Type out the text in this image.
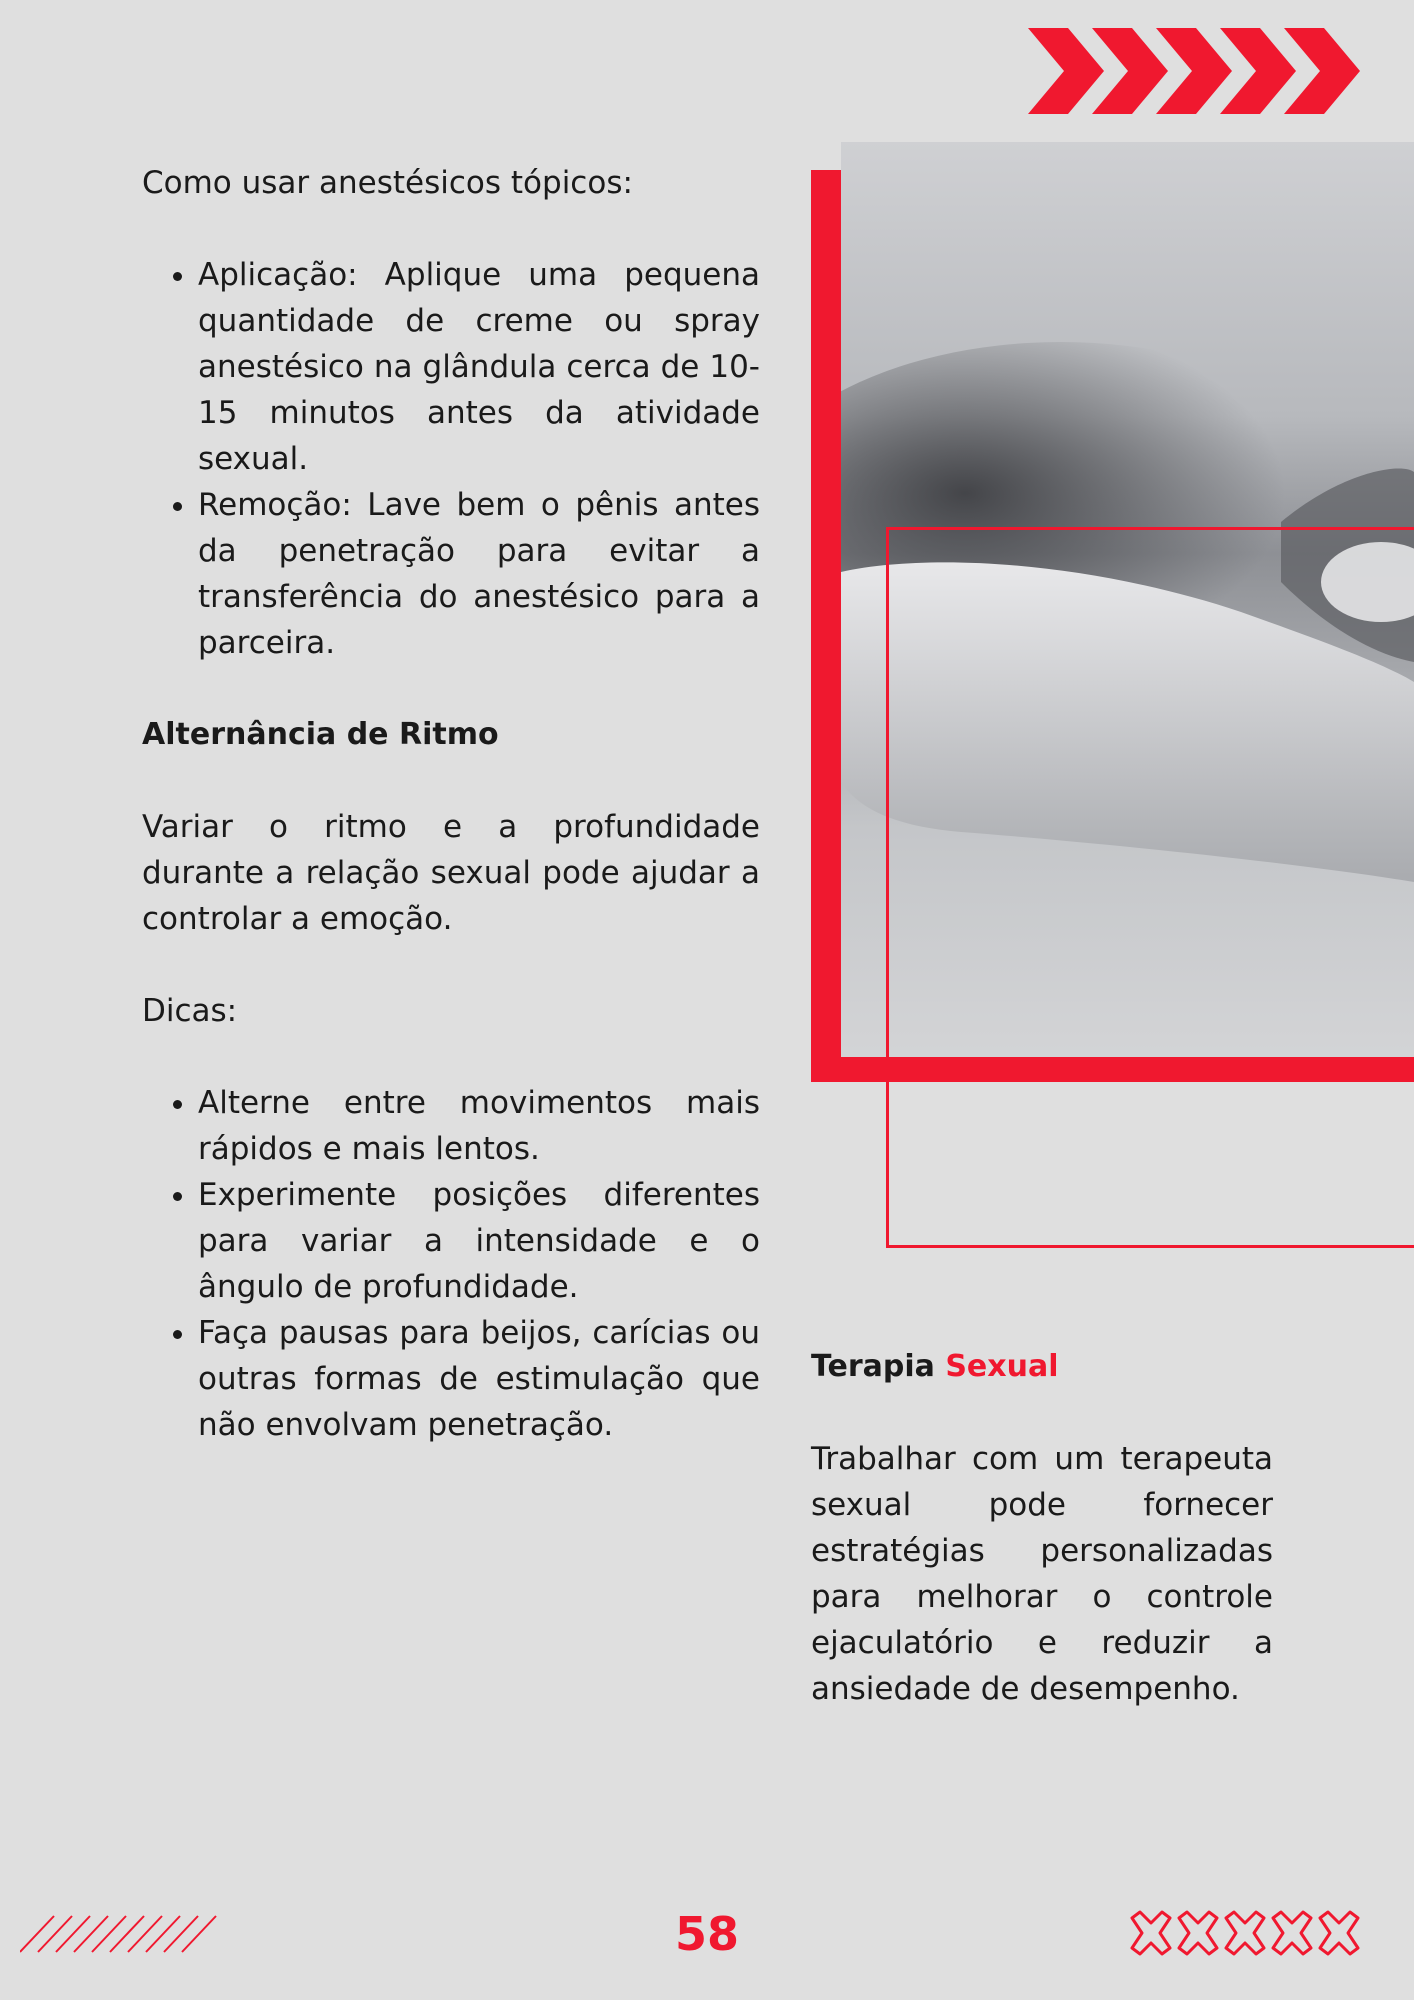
Como usar anestésicos tópicos:

• Aplicação: Aplique uma pequena quantidade de creme ou spray anestésico na glândula cerca de 10-15 minutos antes da atividade sexual.
• Remoção: Lave bem o pênis antes da penetração para evitar a transferência do anestésico para a parceira.

Alternância de Ritmo

Variar o ritmo e a profundidade durante a relação sexual pode ajudar a controlar a emoção.

Dicas:

• Alterne entre movimentos mais rápidos e mais lentos.
• Experimente posições diferentes para variar a intensidade e o ângulo de profundidade.
• Faça pausas para beijos, carícias ou outras formas de estimulação que não envolvam penetração.

Terapia Sexual

Trabalhar com um terapeuta sexual pode fornecer estratégias personalizadas para melhorar o controle ejaculatório e reduzir a ansiedade de desempenho.

58
